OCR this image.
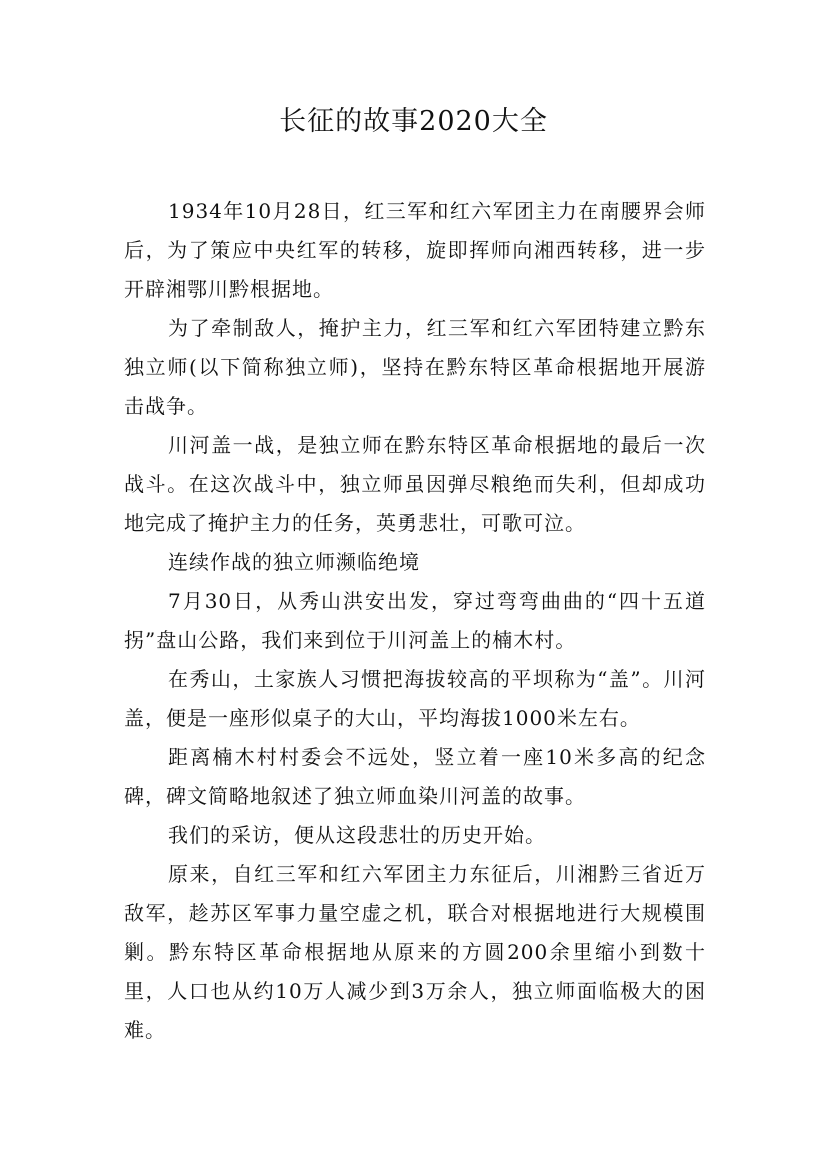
长征的故事2020大全

1934年10月28日，红三军和红六军团主力在南腰界会师后，为了策应中央红军的转移，旋即挥师向湘西转移，进一步开辟湘鄂川黔根据地。

为了牵制敌人，掩护主力，红三军和红六军团特建立黔东独立师(以下简称独立师)，坚持在黔东特区革命根据地开展游击战争。

川河盖一战，是独立师在黔东特区革命根据地的最后一次战斗。在这次战斗中，独立师虽因弹尽粮绝而失利，但却成功地完成了掩护主力的任务，英勇悲壮，可歌可泣。

连续作战的独立师濒临绝境

7月30日，从秀山洪安出发，穿过弯弯曲曲的“四十五道拐”盘山公路，我们来到位于川河盖上的楠木村。

在秀山，土家族人习惯把海拔较高的平坝称为“盖”。川河盖，便是一座形似桌子的大山，平均海拔1000米左右。

距离楠木村村委会不远处，竖立着一座10米多高的纪念碑，碑文简略地叙述了独立师血染川河盖的故事。

我们的采访，便从这段悲壮的历史开始。

原来，自红三军和红六军团主力东征后，川湘黔三省近万敌军，趁苏区军事力量空虚之机，联合对根据地进行大规模围剿。黔东特区革命根据地从原来的方圆200余里缩小到数十里，人口也从约10万人减少到3万余人，独立师面临极大的困难。
